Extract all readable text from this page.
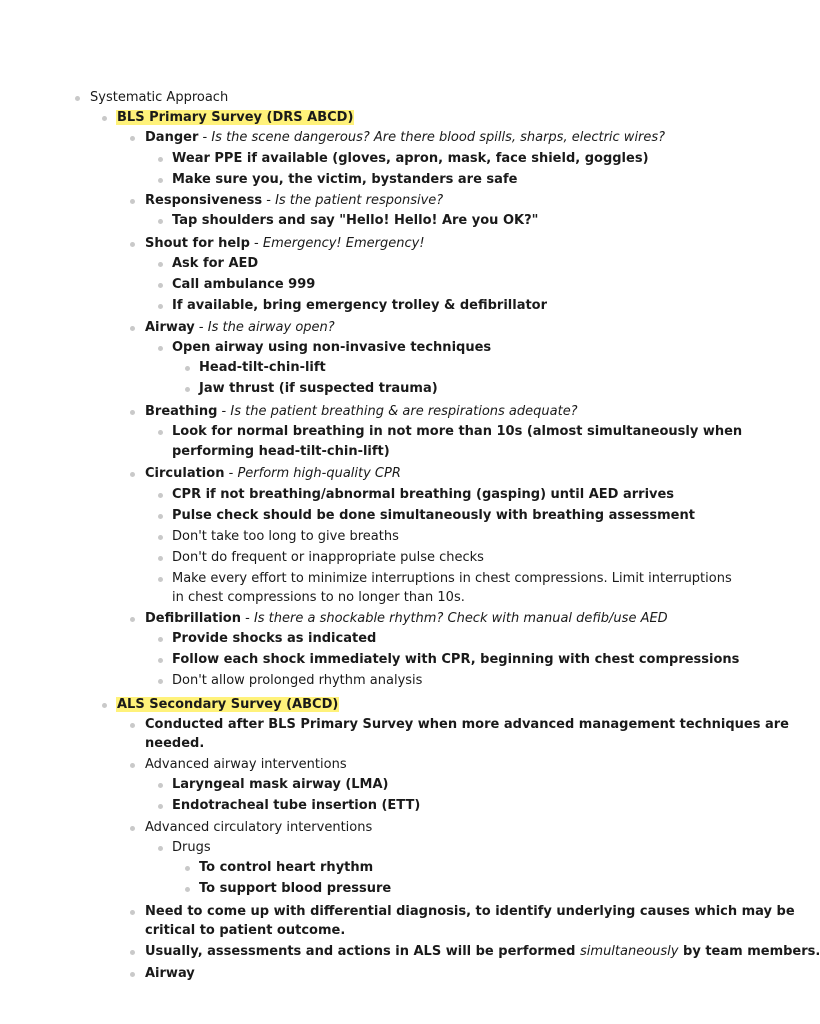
Systematic Approach
BLS Primary Survey (DRS ABCD)
Danger - Is the scene dangerous? Are there blood spills, sharps, electric wires?
Wear PPE if available (gloves, apron, mask, face shield, goggles)
Make sure you, the victim, bystanders are safe
Responsiveness - Is the patient responsive?
Tap shoulders and say "Hello! Hello! Are you OK?"
Shout for help - Emergency! Emergency!
Ask for AED
Call ambulance 999
If available, bring emergency trolley & defibrillator
Airway - Is the airway open?
Open airway using non-invasive techniques
Head-tilt-chin-lift
Jaw thrust (if suspected trauma)
Breathing - Is the patient breathing & are respirations adequate?
Look for normal breathing in not more than 10s (almost simultaneously when
performing head-tilt-chin-lift)
Circulation - Perform high-quality CPR
CPR if not breathing/abnormal breathing (gasping) until AED arrives
Pulse check should be done simultaneously with breathing assessment
Don't take too long to give breaths
Don't do frequent or inappropriate pulse checks
Make every effort to minimize interruptions in chest compressions. Limit interruptions
in chest compressions to no longer than 10s.
Defibrillation - Is there a shockable rhythm? Check with manual defib/use AED
Provide shocks as indicated
Follow each shock immediately with CPR, beginning with chest compressions
Don't allow prolonged rhythm analysis
ALS Secondary Survey (ABCD)
Conducted after BLS Primary Survey when more advanced management techniques are
needed.
Advanced airway interventions
Laryngeal mask airway (LMA)
Endotracheal tube insertion (ETT)
Advanced circulatory interventions
Drugs
To control heart rhythm
To support blood pressure
Need to come up with differential diagnosis, to identify underlying causes which may be
critical to patient outcome.
Usually, assessments and actions in ALS will be performed simultaneously by team members.
Airway
